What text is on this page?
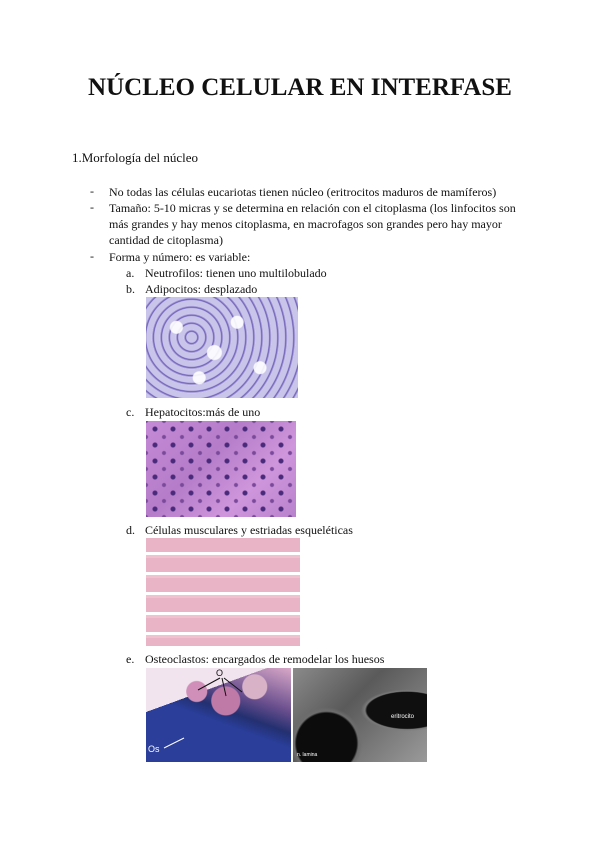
NÚCLEO CELULAR EN INTERFASE
1.Morfología del núcleo
- No todas las células eucariotas tienen núcleo (eritrocitos maduros de mamíferos)
- Tamaño: 5-10 micras y se determina en relación con el citoplasma (los linfocitos son más grandes y hay menos citoplasma, en macrofagos son grandes pero hay mayor cantidad de citoplasma)
- Forma y número: es variable:
a. Neutrofilos: tienen uno multilobulado
b. Adipocitos: desplazado
c. Hepatocitos:más de uno
d. Células musculares y estriadas esqueléticas
e. Osteoclastos: encargados de remodelar los huesos
Os
O
eritrocito
n. lamina
